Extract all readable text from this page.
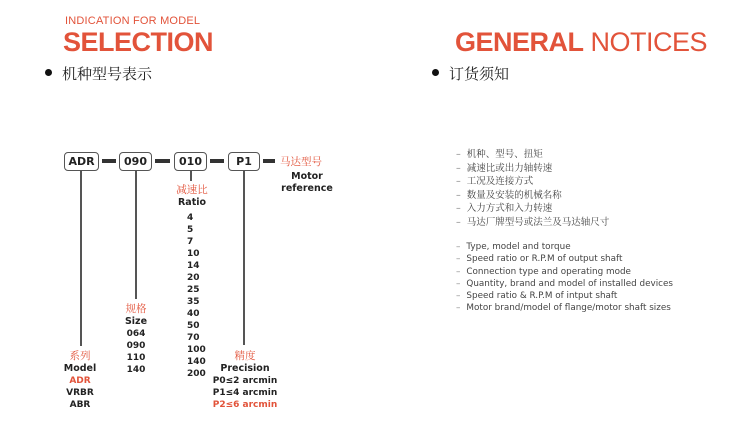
INDICATION FOR MODEL
SELECTION
机种型号表示
GENERAL NOTICES
订货须知
ADR	090	010	P1	马达型号
Motor
reference
减速比
Ratio
4
5
7
10
14
20
25
35
40
50
70
100
140
200
规格
Size
064
090
110
140
系列
Model
ADR
VRBR
ABR
精度
Precision
P0≤2 arcmin
P1≤4 arcmin
P2≤6 arcmin
– 机种、型号、扭矩
– 减速比或出力轴转速
– 工况及连接方式
– 数量及安装的机械名称
– 入力方式和入力转速
– 马达厂牌型号或法兰及马达轴尺寸
– Type, model and torque
– Speed ratio or R.P.M of output shaft
– Connection type and operating mode
– Quantity, brand and model of installed devices
– Speed ratio & R.P.M of intput shaft
– Motor brand/model of flange/motor shaft sizes
